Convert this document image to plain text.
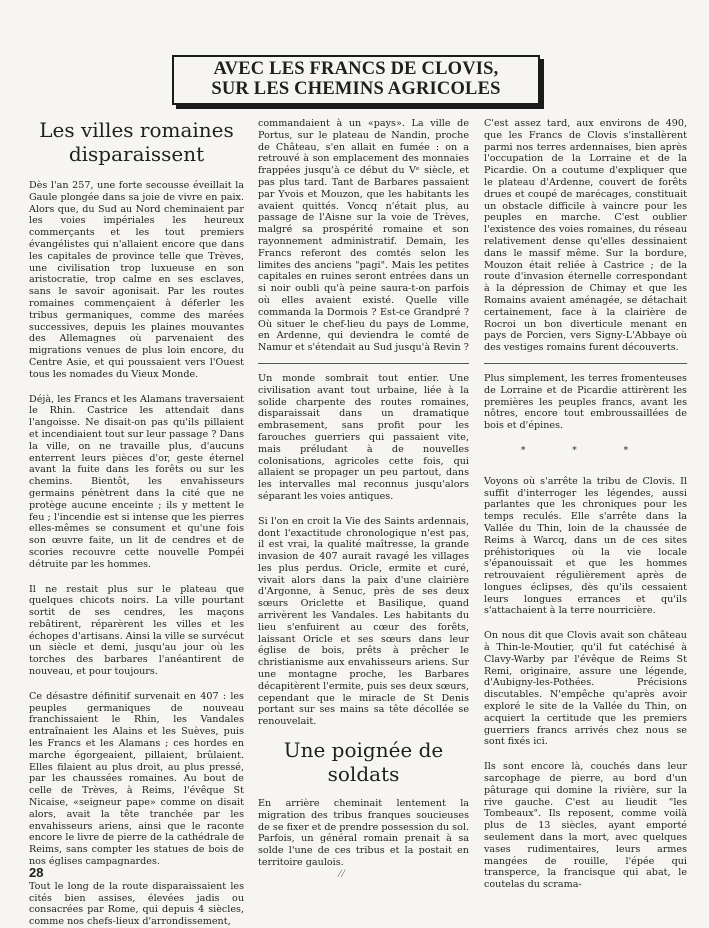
AVEC LES FRANCS DE CLOVIS,
SUR LES CHEMINS AGRICOLES
Les villes romaines disparaissent

Dès l'an 257, une forte secousse éveillait la Gaule plongée dans sa joie de vivre en paix. Alors que, du Sud au Nord cheminaient par les voies impériales les heureux commerçants et les tout premiers évangélistes qui n'allaient encore que dans les capitales de province telle que Trèves, une civilisation trop luxueuse en son aristocratie, trop calme en ses esclaves, sans le savoir agonisait. Par les routes romaines commençaient à déferler les tribus germaniques, comme des marées successives, depuis les plaines mouvantes des Allemagnes où parvenaient des migrations venues de plus loin encore, du Centre Asie, et qui poussaient vers l'Ouest tous les nomades du Vieux Monde.

Déjà, les Francs et les Alamans traversaient le Rhin. Castrice les attendait dans l'angoisse. Ne disait-on pas qu'ils pillaient et incendiaient tout sur leur passage ? Dans la ville, on ne travaille plus, d'aucuns enterrent leurs pièces d'or, geste éternel avant la fuite dans les forêts ou sur les chemins. Bientôt, les envahisseurs germains pénètrent dans la cité que ne protège aucune enceinte ; ils y mettent le feu ; l'incendie est si intense que les pierres elles-mêmes se consument et qu'une fois son œuvre faite, un lit de cendres et de scories recouvre cette nouvelle Pompéi détruite par les hommes.

Il ne restait plus sur le plateau que quelques chicots noirs. La ville pourtant sortit de ses cendres, les maçons rebâtirent, réparèrent les villes et les échopes d'artisans. Ainsi la ville se survécut un siècle et demi, jusqu'au jour où les torches des barbares l'anéantirent de nouveau, et pour toujours.

Ce désastre définitif survenait en 407 : les peuples germaniques de nouveau franchissaient le Rhin, les Vandales entraînaient les Alains et les Suèves, puis les Francs et les Alamans ; ces hordes en marche égorgeaient, pillaient, brûlaient. Elles filaient au plus droit, au plus pressé, par les chaussées romaines. Au bout de celle de Trèves, à Reims, l'évêque St Nicaise, «seigneur pape» comme on disait alors, avait la tête tranchée par les envahisseurs ariens, ainsi que le raconte encore le livre de pierre de la cathédrale de Reims, sans compter les statues de bois de nos églises campagnardes.

Tout le long de la route disparaissaient les cités bien assises, élevées jadis ou consacrées par Rome, qui depuis 4 siècles, comme nos chefs-lieux d'arrondissement,

commandaient à un «pays». La ville de Portus, sur le plateau de Nandin, proche de Château, s'en allait en fumée : on a retrouvé à son emplacement des monnaies frappées jusqu'à ce début du Vᵉ siècle, et pas plus tard. Tant de Barbares passaient par Yvois et Mouzon, que les habitants les avaient quittés. Voncq n'était plus, au passage de l'Aisne sur la voie de Trèves, malgré sa prospérité romaine et son rayonnement administratif. Demain, les Francs referont des comtés selon les limites des anciens "pagi". Mais les petites capitales en ruines seront entrées dans un si noir oubli qu'à peine saura-t-on parfois où elles avaient existé. Quelle ville commanda la Dormois ? Est-ce Grandpré ? Où situer le chef-lieu du pays de Lomme, en Ardenne, qui deviendra le comté de Namur et s'étendait au Sud jusqu'à Revin ?

Un monde sombrait tout entier. Une civilisation avant tout urbaine, liée à la solide charpente des routes romaines, disparaissait dans un dramatique embrasement, sans profit pour les farouches guerriers qui passaient vite, mais préludant à de nouvelles colonisations, agricoles cette fois, qui allaient se propager un peu partout, dans les intervalles mal reconnus jusqu'alors séparant les voies antiques.

Si l'on en croit la Vie des Saints ardennais, dont l'exactitude chronologique n'est pas, il est vrai, la qualité maîtresse, la grande invasion de 407 aurait ravagé les villages les plus perdus. Oricle, ermite et curé, vivait alors dans la paix d'une clairière d'Argonne, à Senuc, près de ses deux sœurs Oriclette et Basilique, quand arrivèrent les Vandales. Les habitants du lieu s'enfuirent au cœur des forêts, laissant Oricle et ses sœurs dans leur église de bois, prêts à prêcher le christianisme aux envahisseurs ariens. Sur une montagne proche, les Barbares décapitèrent l'ermite, puis ses deux sœurs, cependant que le miracle de St Denis portant sur ses mains sa tête décollée se renouvelait.

Une poignée de soldats

En arrière cheminait lentement la migration des tribus franques soucieuses de se fixer et de prendre possession du sol. Parfois, un général romain prenait à sa solde l'une de ces tribus et la postait en territoire gaulois.

C'est assez tard, aux environs de 490, que les Francs de Clovis s'installèrent parmi nos terres ardennaises, bien après l'occupation de la Lorraine et de la Picardie. On a coutume d'expliquer que le plateau d'Ardenne, couvert de forêts drues et coupé de marécages, constituait un obstacle difficile à vaincre pour les peuples en marche. C'est oublier l'existence des voies romaines, du réseau relativement dense qu'elles dessinaient dans le massif même. Sur la bordure, Mouzon était reliée à Castrice ; de la route d'invasion éternelle correspondant à la dépression de Chimay et que les Romains avaient aménagée, se détachait certainement, face à la clairière de Rocroi un bon diverticule menant en pays de Porcien, vers Signy-L'Abbaye où des vestiges romains furent découverts.

Plus simplement, les terres fromenteuses de Lorraine et de Picardie attirèrent les premières les peuples francs, avant les nôtres, encore tout embroussaillées de bois et d'épines.

* * *

Voyons où s'arrête la tribu de Clovis. Il suffit d'interroger les légendes, aussi parlantes que les chroniques pour les temps reculés. Elle s'arrête dans la Vallée du Thin, loin de la chaussée de Reims à Warcq, dans un de ces sites préhistoriques où la vie locale s'épanouissait et que les hommes retrouvaient régulièrement après de longues éclipses, dès qu'ils cessaient leurs longues errances et qu'ils s'attachaient à la terre nourricière.

On nous dit que Clovis avait son château à Thin-le-Moutier, qu'il fut catéchisé à Clavy-Warby par l'évêque de Reims St Remi, originaire, assure une légende, d'Aubigny-les-Pothées. Précisions discutables. N'empêche qu'après avoir exploré le site de la Vallée du Thin, on acquiert la certitude que les premiers guerriers francs arrivés chez nous se sont fixés ici.

Ils sont encore là, couchés dans leur sarcophage de pierre, au bord d'un pâturage qui domine la rivière, sur la rive gauche. C'est au lieudit "les Tombeaux". Ils reposent, comme voilà plus de 13 siècles, ayant emporté seulement dans la mort, avec quelques vases rudimentaires, leurs armes mangées de rouille, l'épée qui transperce, la francisque qui abat, le coutelas du scrama-

28	//
